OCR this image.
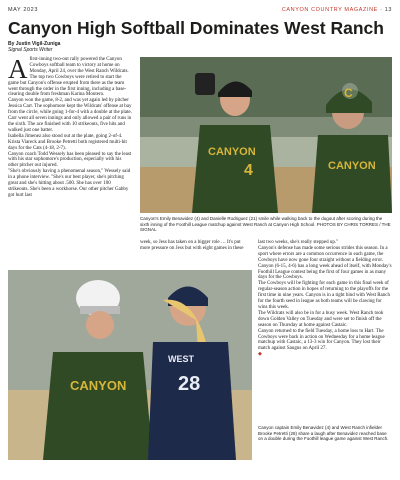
MAY 2023	CANYON COUNTRY MAGAZINE · 13
Canyon High Softball Dominates West Ranch
By Justin Vigil-Zuniga
Signal Sports Writer
A first-inning two-out rally powered the Canyon Cowboys softball team to victory at home on Monday, April 24, over the West Ranch Wildcats.

The top two Cowboys were retired to start the game but Canyon's offense erupted from there as the team went through the order in the first inning, including a base-clearing double from freshman Karina Montero.

Canyon won the game, 8-2, and was yet again led by pitcher Jessica Carr. The sophomore kept the Wildcats' offense at bay from the circle, while going 1-for-4 with a double at the plate.

Carr went all seven innings and only allowed a pair of runs in the sixth. The ace finished with 10 strikeouts, five hits and walked just one batter.

Isabella Jimenez also stood out at the plate, going 2-of-4.

Krista Viareck and Brooke Petretti both registered multi-hit days for the Cats (4-18, 2-7).

Canyon coach Todd Wessely has been pleased to say the least with his star sophomore's production, especially with his other pitcher out injured.

"She's obviously having a phenomenal season," Wessely said in a phone interview. "She's our best player, she's pitching great and she's hitting about .500. She has over 100 strikeouts. She's been a workhorse. Our other pitcher Gabby got hurt last

CANYON
4
C
CANYON
Canyon's Emily Benavidez (4) and Danielle Rodriguez (21) smile while walking back to the dugout after scoring during the sixth inning of the Foothill League matchup against West Ranch at Canyon High School. PHOTOS BY CHRIS TORRES / THE SIGNAL

week, so Jess has taken on a bigger role … It's put more pressure on Jess but with eight games in these

CANYON
WEST
28

last two weeks, she's really stepped up."

Canyon's defense has made some serious strides this season. In a sport where errors are a common occurrence in each game, the Cowboys have now gone four straight without a fielding error.

Canyon (6-15, 4-6) has a long week ahead of itself, with Monday's Foothill League contest being the first of four games in as many days for the Cowboys.

The Cowboys will be fighting for each game in this final week of regular-season action in hopes of returning to the playoffs for the first time in nine years. Canyon is in a tight bind with West Ranch for the fourth seed in league as both teams will be clawing for wins this week.

The Wildcats will also be in for a busy week. West Ranch took down Golden Valley on Tuesday and were set to finish off the season on Thursday at home against Castaic.

Canyon returned to the field Tuesday, a home loss to Hart. The Cowboys were back in action on Wednesday for a home league matchup with Castaic, a 13-3 win for Canyon. They lost their match against Saugus on April 27.

◆
Canyon captain Emily Benavidez (4) and West Ranch infielder Brooke Petretti (28) share a laugh after Benavidez reached base on a double during the Foothill league game against West Ranch.
